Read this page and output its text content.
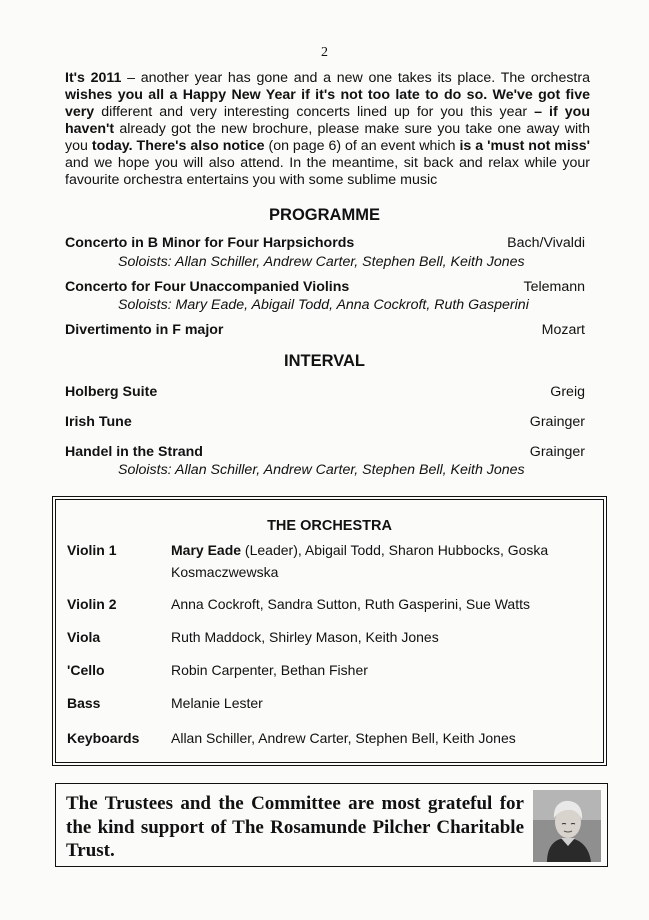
2
It's 2011 – another year has gone and a new one takes its place. The orchestra wishes you all a Happy New Year if it's not too late to do so. We've got five very different and very interesting concerts lined up for you this year – if you haven't already got the new brochure, please make sure you take one away with you today. There's also notice (on page 6) of an event which is a 'must not miss' and we hope you will also attend. In the meantime, sit back and relax while your favourite orchestra entertains you with some sublime music
PROGRAMME
Concerto in B Minor for Four Harpsichords	Bach/Vivaldi
Soloists: Allan Schiller, Andrew Carter, Stephen Bell, Keith Jones
Concerto for Four Unaccompanied Violins	Telemann
Soloists: Mary Eade, Abigail Todd, Anna Cockroft, Ruth Gasperini
Divertimento in F major	Mozart
INTERVAL
Holberg Suite	Greig
Irish Tune	Grainger
Handel in the Strand	Grainger
Soloists: Allan Schiller, Andrew Carter, Stephen Bell, Keith Jones
THE ORCHESTRA
Violin 1	Mary Eade (Leader), Abigail Todd, Sharon Hubbocks, Goska Kosmaczwewska
Violin 2	Anna Cockroft, Sandra Sutton, Ruth Gasperini, Sue Watts
Viola	Ruth Maddock, Shirley Mason, Keith Jones
'Cello	Robin Carpenter, Bethan Fisher
Bass	Melanie Lester
Keyboards Allan Schiller, Andrew Carter, Stephen Bell, Keith Jones
The Trustees and the Committee are most grateful for the kind support of The Rosamunde Pilcher Charitable Trust.
